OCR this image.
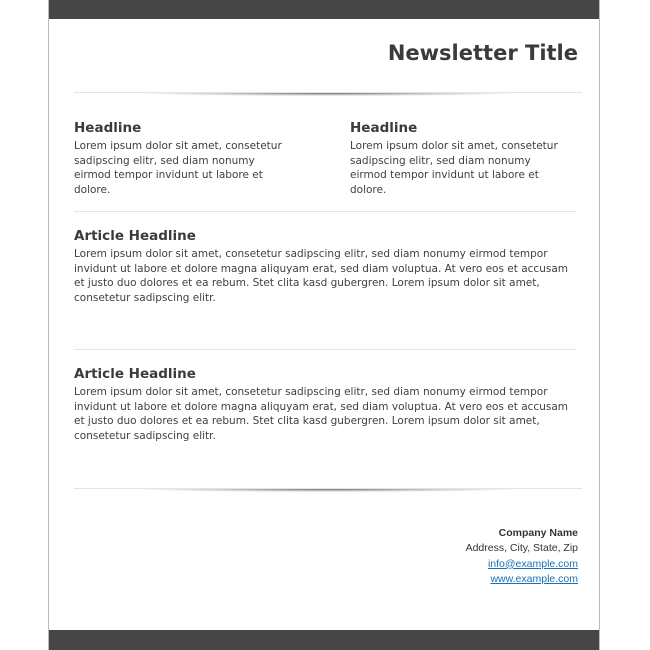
Newsletter Title
Headline

Lorem ipsum dolor sit amet, consetetur sadipscing elitr, sed diam nonumy eirmod tempor invidunt ut labore et dolore.

Headline

Lorem ipsum dolor sit amet, consetetur sadipscing elitr, sed diam nonumy eirmod tempor invidunt ut labore et dolore.

Article Headline

Lorem ipsum dolor sit amet, consetetur sadipscing elitr, sed diam nonumy eirmod tempor invidunt ut labore et dolore magna aliquyam erat, sed diam voluptua. At vero eos et accusam et justo duo dolores et ea rebum. Stet clita kasd gubergren. Lorem ipsum dolor sit amet, consetetur sadipscing elitr.

Article Headline

Lorem ipsum dolor sit amet, consetetur sadipscing elitr, sed diam nonumy eirmod tempor invidunt ut labore et dolore magna aliquyam erat, sed diam voluptua. At vero eos et accusam et justo duo dolores et ea rebum. Stet clita kasd gubergren. Lorem ipsum dolor sit amet, consetetur sadipscing elitr.

Company Name
Address, City, State, Zip
info@example.com
www.example.com
